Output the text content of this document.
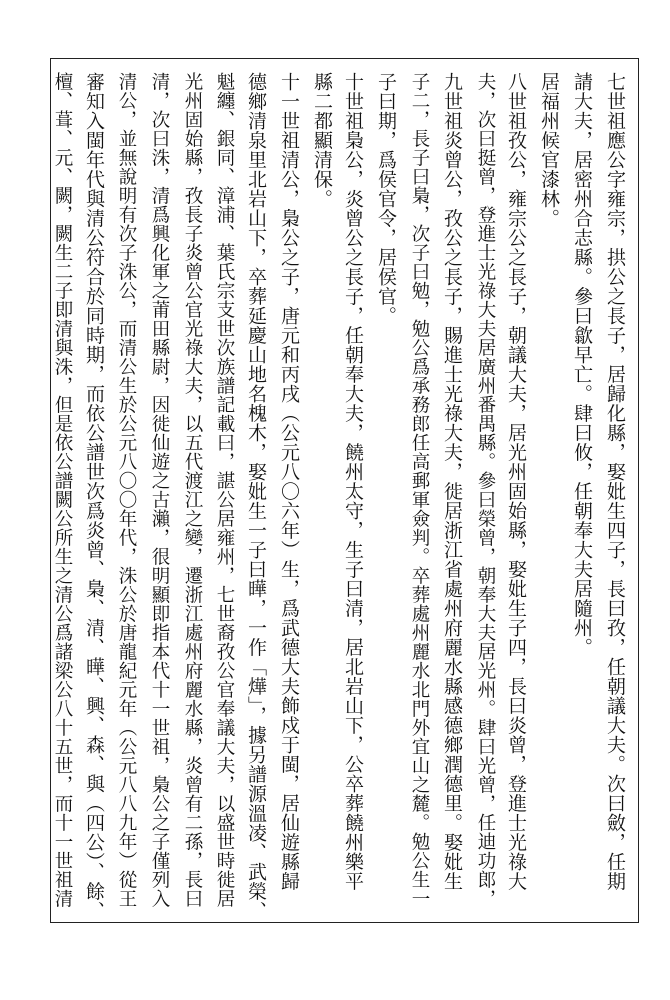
七世祖應公字雍宗，拱公之長子，居歸化縣，娶妣生四子，長曰孜，任朝議大夫。次曰斂，任期
請大夫，居密州合志縣。參曰歙早亡。肆曰攸，任朝奉大夫居隨州。
居福州候官漆林。
八世祖孜公，雍宗公之長子，朝議大夫，居光州固始縣，娶妣生子四，長曰炎曾，登進士光祿大
夫，次曰挺曾，登進士光祿大夫居廣州番禺縣。參曰榮曾，朝奉大夫居光州。肆曰光曾，任迪功郎，
九世祖炎曾公，孜公之長子，賜進士光祿大夫，徙居浙江省處州府麗水縣感德鄉潤德里。娶妣生
子二，長子曰梟，次子曰勉，勉公爲承務郎任高郵軍僉判。卒葬處州麗水北門外宜山之麓。勉公生一
子曰期，爲侯官令，居侯官。
十世祖梟公，炎曾公之長子，任朝奉大夫，饒州太守，生子曰清，居北岩山下，公卒葬饒州樂平
縣二都顯清保。
十一世祖清公，梟公之子，唐元和丙戌（公元八〇六年）生，爲武德大夫飾戍于閩，居仙遊縣歸
德鄉清泉里北岩山下，卒葬延慶山地名槐木，娶妣生一子曰曄，一作「燁」，據另譜源溫凌、武榮、
魁纏、銀同、漳浦、葉氏宗支世次族譜記載曰，諶公居雍州，七世裔孜公官奉議大夫，以盛世時徙居
光州固始縣，孜長子炎曾公官光祿大夫，以五代渡江之變，遷浙江處州府麗水縣，炎曾有二孫，長曰
清，次曰洙，清爲興化軍之莆田縣尉，因徙仙遊之古瀨，很明顯即指本代十一世祖，梟公之子僅列入
清公，並無說明有次子洙公，而清公生於公元八〇〇年代，洙公於唐龍紀元年（公元八八九年）從王
審知入閩年代與清公符合於同時期，而依公譜世次爲炎曾、梟、清、曄、興、森、與（四公）、餘、
檀、葺、元、闕，闕生二子即清與洙，但是依公譜闕公所生之清公爲諸梁公八十五世，而十一世祖清
